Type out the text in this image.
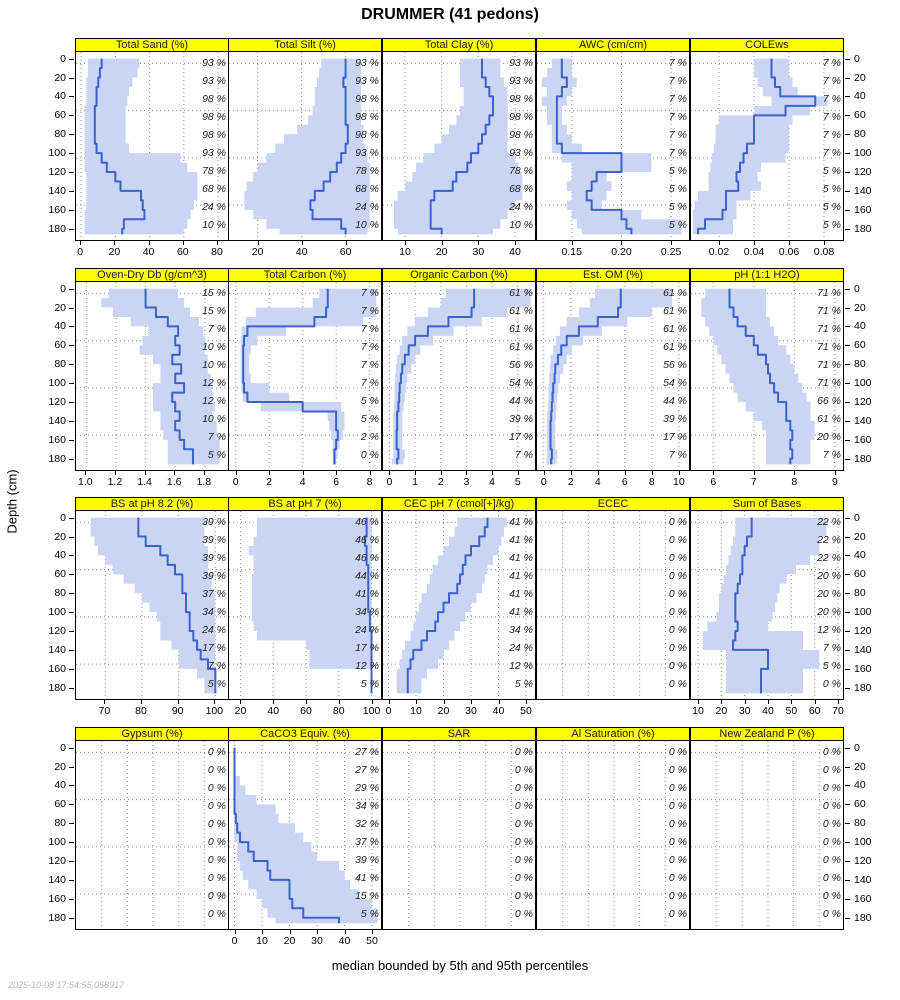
DRUMMER (41 pedons)
Depth (cm)
Total Sand (%)
93 %
93 %
98 %
98 %
98 %
93 %
78 %
68 %
24 %
10 %
0 20 40 60 80
Total Silt (%)
93 %
93 %
98 %
98 %
98 %
93 %
78 %
68 %
24 %
10 %
20	40	60
Total Clay (%)
93 %
93 %
98 %
98 %
98 %
93 %
78 %
68 %
24 %
10 %
10 20 30 40
AWC (cm/cm)
7 %
7 %
7 %
7 %
7 %
7 %
5 %
5 %
5 %
5 %
0.15	0.20	0.25
COLEws
7 %
7 %
7 %
7 %
7 %
7 %
5 %
5 %
5 %
5 %
0.02 0.04 0.06 0.08
Oven-Dry Db (g/cm^3)
15 %
15 %
7 %
10 %
10 %
12 %
12 %
10 %
7 %
5 %
1.0 1.2 1.4 1.6 1.8
Total Carbon (%)
7 %
7 %
7 %
7 %
7 %
7 %
5 %
5 %
2 %
0 %
0	2	4	6	8
Organic Carbon (%)
61 %
61 %
61 %
61 %
56 %
54 %
44 %
39 %
17 %
7 %
0 1 2 3 4 5
Est. OM (%)
61 %
61 %
61 %
61 %
56 %
54 %
44 %
39 %
17 %
7 %
0 2 4 6 8 10
pH (1:1 H2O)
71 %
71 %
71 %
71 %
71 %
71 %
66 %
61 %
20 %
7 %
6	7	8	9
BS at pH 8.2 (%)
39 %
39 %
39 %
39 %
37 %
34 %
24 %
17 %
7 %
5 %
70 80 90 100
BS at pH 7 (%)
46 %
46 %
46 %
44 %
41 %
34 %
24 %
17 %
12 %
5 %
20 40 60 80 100
CEC pH 7 (cmol[+]/kg)
41 %
41 %
41 %
41 %
41 %
41 %
34 %
24 %
12 %
5 %
0 10 20 30 40 50
ECEC
0 %
0 %
0 %
0 %
0 %
0 %
0 %
0 %
0 %
0 %
Sum of Bases
22 %
22 %
22 %
20 %
20 %
20 %
12 %
7 %
5 %
0 %
10 20 30 40 50 60 70
Gypsum (%)
0 %
0 %
0 %
0 %
0 %
0 %
0 %
0 %
0 %
0 %
CaCO3 Equiv. (%)
27 %
27 %
29 %
34 %
32 %
37 %
39 %
41 %
15 %
5 %
0 10 20 30 40 50
SAR
0 %
0 %
0 %
0 %
0 %
0 %
0 %
0 %
0 %
0 %
Al Saturation (%)
0 %
0 %
0 %
0 %
0 %
0 %
0 %
0 %
0 %
0 %
New Zealand P (%)
0 %
0 %
0 %
0 %
0 %
0 %
0 %
0 %
0 %
0 %
0	0
20	20
40	40
60	60
80	80
100	100
120	120
140	140
160	160
180	180
0	0
20	20
40	40
60	60
80	80
100	100
120	120
140	140
160	160
180	180
0	0
20	20
40	40
60	60
80	80
100	100
120	120
140	140
160	160
180	180
0	0
20	20
40	40
60	60
80	80
100	100
120	120
140	140
160	160
180	180
median bounded by 5th and 95th percentiles
2025-10-08 17:54:55.058917
